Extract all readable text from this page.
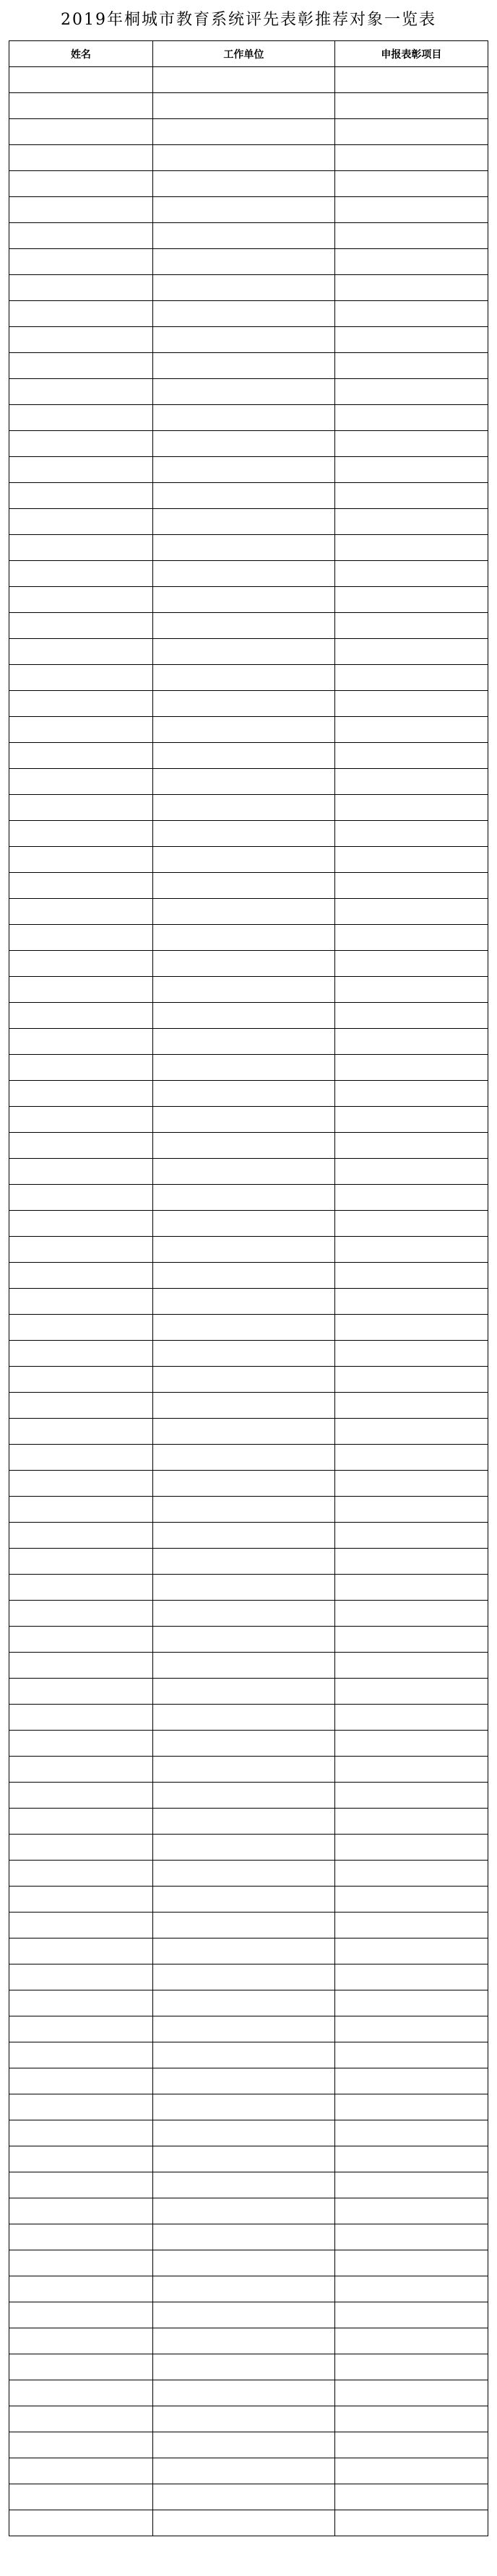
2019年桐城市教育系统评先表彰推荐对象一览表
姓名	工作单位	申报表彰项目
